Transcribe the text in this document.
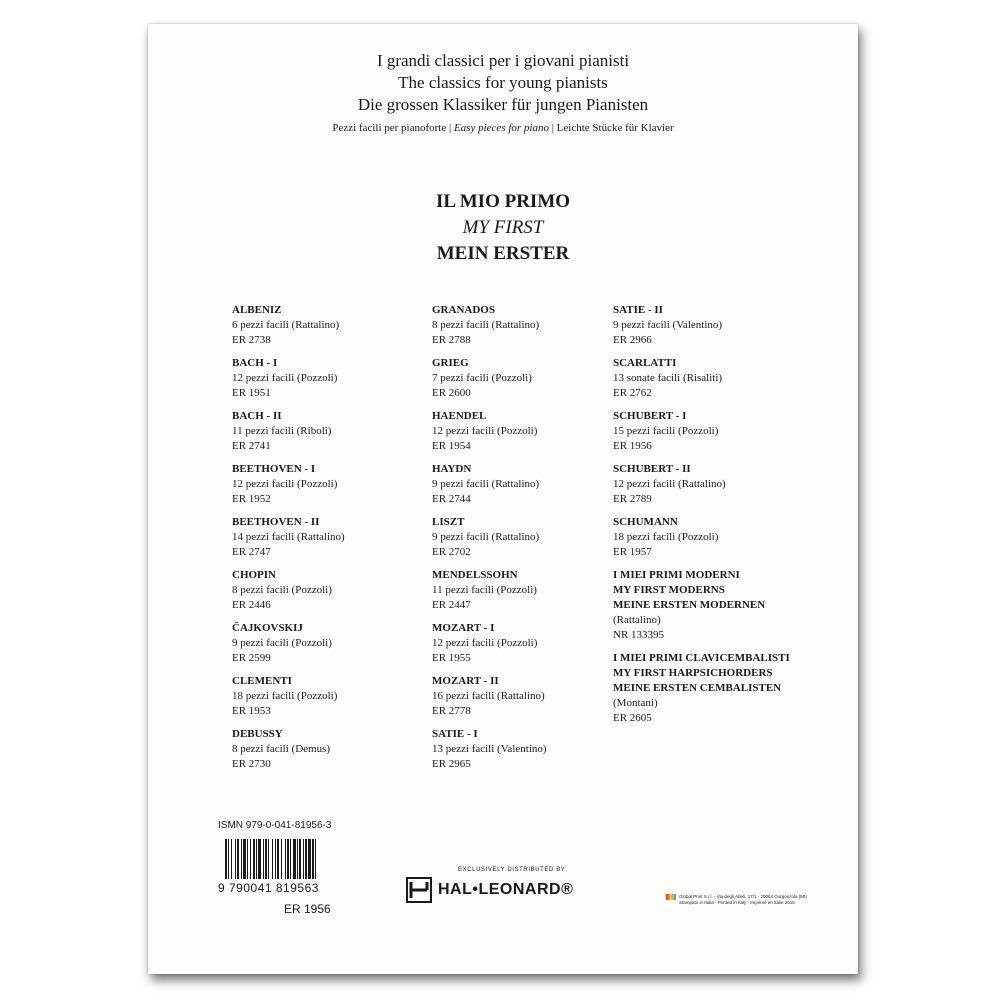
I grandi classici per i giovani pianisti
The classics for young pianists
Die grossen Klassiker für jungen Pianisten
Pezzi facili per pianoforte | Easy pieces for piano | Leichte Stücke für Klavier
IL MIO PRIMO
MY FIRST
MEIN ERSTER
ALBENIZ
6 pezzi facili (Rattalino)
ER 2738
BACH - I
12 pezzi facili (Pozzoli)
ER 1951
BACH - II
11 pezzi facili (Riboli)
ER 2741
BEETHOVEN - I
12 pezzi facili (Pozzoli)
ER 1952
BEETHOVEN - II
14 pezzi facili (Rattalino)
ER 2747
CHOPIN
8 pezzi facili (Pozzoli)
ER 2446
ČAJKOVSKIJ
9 pezzi facili (Pozzoli)
ER 2599
CLEMENTI
18 pezzi facili (Pozzoli)
ER 1953
DEBUSSY
8 pezzi facili (Demus)
ER 2730
GRANADOS
8 pezzi facili (Rattalino)
ER 2788
GRIEG
7 pezzi facili (Pozzoli)
ER 2600
HAENDEL
12 pezzi facili (Pozzoli)
ER 1954
HAYDN
9 pezzi facili (Rattalino)
ER 2744
LISZT
9 pezzi facili (Rattalino)
ER 2702
MENDELSSOHN
11 pezzi facili (Pozzoli)
ER 2447
MOZART - I
12 pezzi facili (Pozzoli)
ER 1955
MOZART - II
16 pezzi facili (Rattalino)
ER 2778
SATIE - I
13 pezzi facili (Valentino)
ER 2965
SATIE - II
9 pezzi facili (Valentino)
ER 2966
SCARLATTI
13 sonate facili (Risaliti)
ER 2762
SCHUBERT - I
15 pezzi facili (Pozzoli)
ER 1956
SCHUBERT - II
12 pezzi facili (Rattalino)
ER 2789
SCHUMANN
18 pezzi facili (Pozzoli)
ER 1957
I MIEI PRIMI MODERNI
MY FIRST MODERNS
MEINE ERSTEN MODERNEN
(Rattalino)
NR 133395
I MIEI PRIMI CLAVICEMBALISTI
MY FIRST HARPSICHORDERS
MEINE ERSTEN CEMBALISTEN
(Montani)
ER 2605
ISMN 979-0-041-81956-3
9 790041 819563
ER 1956
EXCLUSIVELY DISTRIBUTED BY
HAL•LEONARD®	Global Print S.r.l. - Via degli Abeti, 17/1 - 20064 Gorgonzola (MI)
Stampato in Italia - Printed in Italy - Imprimé en Italie 2015
